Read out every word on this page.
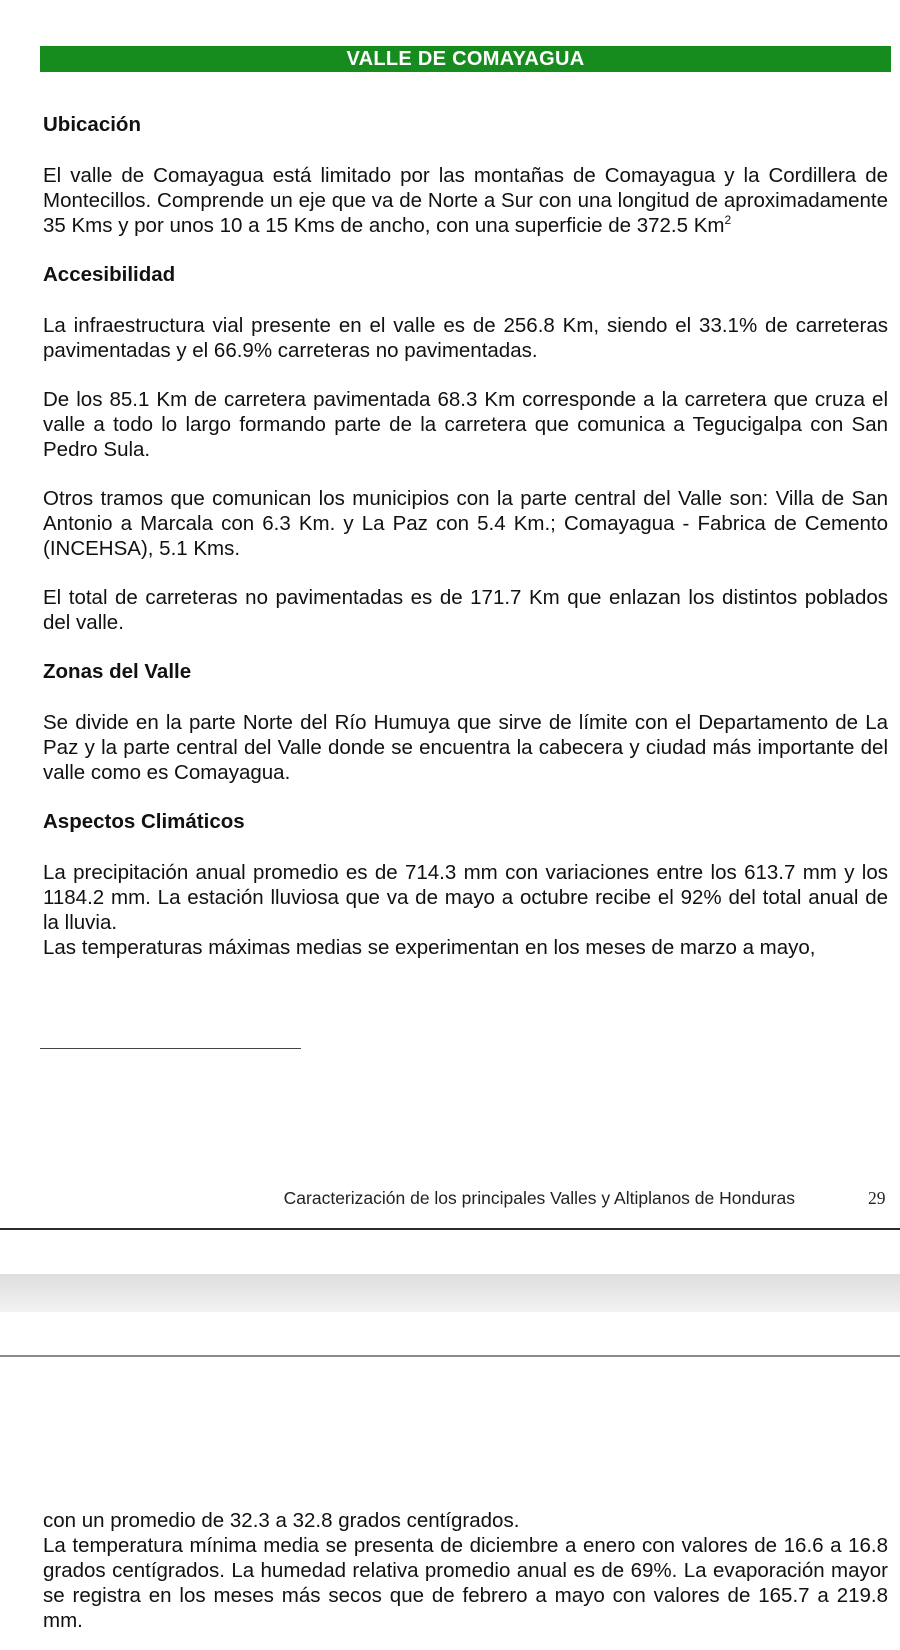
VALLE DE COMAYAGUA
Ubicación

El valle de Comayagua está limitado por las montañas de Comayagua y la Cordillera de Montecillos. Comprende un eje que va de Norte a Sur con una longitud de aproximadamente 35 Kms y por unos 10 a 15 Kms de ancho, con una superficie de 372.5 Km$^2$

Accesibilidad

La infraestructura vial presente en el valle es de 256.8 Km, siendo el 33.1% de carreteras pavimentadas y el 66.9% carreteras no pavimentadas.

De los 85.1 Km de carretera pavimentada 68.3 Km corresponde a la carretera que cruza el valle a todo lo largo formando parte de la carretera que comunica a Tegucigalpa con San Pedro Sula.

Otros tramos que comunican los municipios con la parte central del Valle son: Villa de San Antonio a Marcala con 6.3 Km. y La Paz con 5.4 Km.; Comayagua - Fabrica de Cemento (INCEHSA), 5.1 Kms.

El total de carreteras no pavimentadas es de 171.7 Km que enlazan los distintos poblados del valle.

Zonas del Valle

Se divide en la parte Norte del Río Humuya que sirve de límite con el Departamento de La Paz y la parte central del Valle donde se encuentra la cabecera y ciudad más importante del valle como es Comayagua.

Aspectos Climáticos

La precipitación anual promedio es de 714.3 mm con variaciones entre los 613.7 mm y los 1184.2 mm. La estación lluviosa que va de mayo a octubre recibe el 92% del total anual de la lluvia.

Las temperaturas máximas medias se experimentan en los meses de marzo a mayo,

Caracterización de los principales Valles y Altiplanos de Honduras	29

con un promedio de 32.3 a 32.8 grados centígrados.

La temperatura mínima media se presenta de diciembre a enero con valores de 16.6 a 16.8 grados centígrados. La humedad relativa promedio anual es de 69%. La evaporación mayor se registra en los meses más secos que de febrero a mayo con valores de 165.7 a 219.8 mm.
